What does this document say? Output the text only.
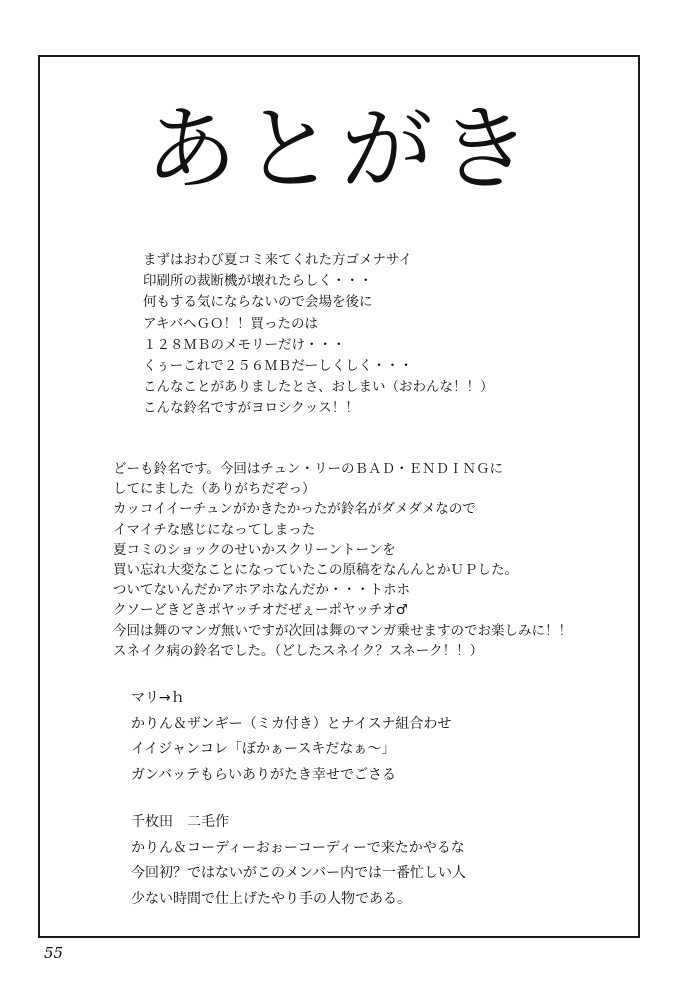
あとがき
まずはおわび夏コミ来てくれた方ゴメナサイ
印刷所の裁断機が壊れたらしく・・・
何もする気にならないので会場を後に
アキバへＧＯ！！買ったのは
１２８ＭＢのメモリーだけ・・・
くぅーこれで２５６ＭＢだーしくしく・・・
こんなことがありましたとさ、おしまい（おわんな！！）
こんな鈴名ですがヨロシクッス！！
どーも鈴名です。今回はチュン・リーのＢＡＤ・ＥＮＤＩＮＧに
してにました（ありがちだぞっ）
カッコイイーチュンがかきたかったが鈴名がダメダメなので
イマイチな感じになってしまった
夏コミのショックのせいかスクリーントーンを
買い忘れ大変なことになっていたこの原稿をなんんとかＵＰした。
ついてないんだかアホアホなんだか・・・トホホ
クソーどきどきポヤッチオだぜぇーポヤッチオ♂
今回は舞のマンガ無いですが次回は舞のマンガ乗せますのでお楽しみに！！
スネイク病の鈴名でした。（どしたスネイク？スネーク！！）
マリ→ｈ
かりん＆ザンギー（ミカ付き）とナイスナ組合わせ
イイジャンコレ「ぼかぁースキだなぁ～」
ガンバッテもらいありがたき幸せでごさる
千枚田　二毛作
かりん＆コーディーおぉーコーディーで来たかやるな
今回初？ではないがこのメンバー内では一番忙しい人
少ない時間で仕上げたやり手の人物である。
55
